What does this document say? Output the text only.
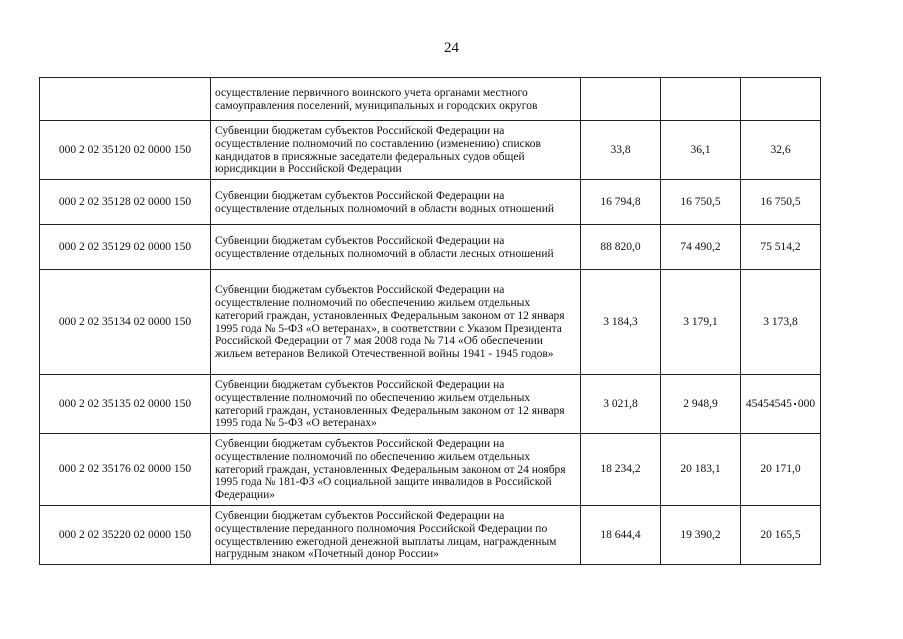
24
	осуществление первичного воинского учета органами местного самоуправления поселений, муниципальных и городских округов			
000 2 02 35120 02 0000 150	Субвенции бюджетам субъектов Российской Федерации на осуществление полномочий по составлению (изменению) списков кандидатов в присяжные заседатели федеральных судов общей юрисдикции в Российской Федерации	33,8	36,1	32,6
000 2 02 35128 02 0000 150	Субвенции бюджетам субъектов Российской Федерации на осуществление отдельных полномочий в области водных отношений	16 794,8	16 750,5	16 750,5
000 2 02 35129 02 0000 150	Субвенции бюджетам субъектов Российской Федерации на осуществление отдельных полномочий в области лесных отношений	88 820,0	74 490,2	75 514,2
000 2 02 35134 02 0000 150	Субвенции бюджетам субъектов Российской Федерации на осуществление полномочий по обеспечению жильем отдельных категорий граждан, установленных Федеральным законом от 12 января 1995 года № 5-ФЗ «О ветеранах», в соответствии с Указом Президента Российской Федерации от 7 мая 2008 года № 714 «Об обеспечении жильем ветеранов Великой Отечественной войны 1941 - 1945 годов»	3 184,3	3 179,1	3 173,8
000 2 02 35135 02 0000 150	Субвенции бюджетам субъектов Российской Федерации на осуществление полномочий по обеспечению жильем отдельных категорий граждан, установленных Федеральным законом от 12 января 1995 года № 5-ФЗ «О ветеранах»	3 021,8	2 948,9	45454545 000
000 2 02 35176 02 0000 150	Субвенции бюджетам субъектов Российской Федерации на осуществление полномочий по обеспечению жильем отдельных категорий граждан, установленных Федеральным законом от 24 ноября 1995 года № 181-ФЗ «О социальной защите инвалидов в Российской Федерации»	18 234,2	20 183,1	20 171,0
000 2 02 35220 02 0000 150	Субвенции бюджетам субъектов Российской Федерации на осуществление переданного полномочия Российской Федерации по осуществлению ежегодной денежной выплаты лицам, награжденным нагрудным знаком «Почетный донор России»	18 644,4	19 390,2	20 165,5
